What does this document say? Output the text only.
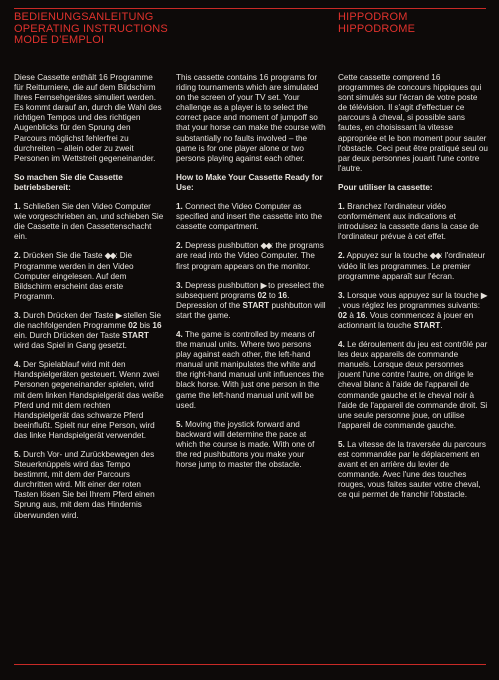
BEDIENUNGSANLEITUNG
OPERATING INSTRUCTIONS
MODE D'EMPLOI
HIPPODROM
HIPPODROME

Diese Cassette enthält 16 Programme für Reitturniere, die auf dem Bildschirm Ihres Fernsehgerätes simuliert werden. Es kommt darauf an, durch die Wahl des richtigen Tempos und des richtigen Augenblicks für den Sprung den Parcours möglichst fehlerfrei zu durchreiten – allein oder zu zweit Personen im Wettstreit gegeneinander.

So machen Sie die Cassette betriebsbereit:

1. Schließen Sie den Video Computer wie vorgeschrieben an, und schieben Sie die Cassette in den Cassettenschacht ein.

2. Drücken Sie die Taste ◆◆: Die Programme werden in den Video Computer eingelesen. Auf dem Bildschirm erscheint das erste Programm.

3. Durch Drücken der Taste ▶ stellen Sie die nachfolgenden Programme 02 bis 16 ein. Durch Drücken der Taste START wird das Spiel in Gang gesetzt.

4. Der Spielablauf wird mit den Handspielgeräten gesteuert. Wenn zwei Personen gegeneinander spielen, wird mit dem linken Handspielgerät das weiße Pferd und mit dem rechten Handspielgerät das schwarze Pferd beeinflußt. Spielt nur eine Person, wird das linke Handspielgerät verwendet.

5. Durch Vor- und Zurückbewegen des Steuerknüppels wird das Tempo bestimmt, mit dem der Parcours durchritten wird. Mit einer der roten Tasten lösen Sie bei Ihrem Pferd einen Sprung aus, mit dem das Hindernis überwunden wird.

This cassette contains 16 programs for riding tournaments which are simulated on the screen of your TV set. Your challenge as a player is to select the correct pace and moment of jumpoff so that your horse can make the course with substantially no faults involved – the game is for one player alone or two persons playing against each other.

How to Make Your Cassette Ready for Use:

1. Connect the Video Computer as specified and insert the cassette into the cassette compartment.

2. Depress pushbutton ◆◆: the programs are read into the Video Computer. The first program appears on the monitor.

3. Depress pushbutton ▶ to preselect the subsequent programs 02 to 16. Depression of the START pushbutton will start the game.

4. The game is controlled by means of the manual units. Where two persons play against each other, the left-hand manual unit manipulates the white and the right-hand manual unit influences the black horse. With just one person in the game the left-hand manual unit will be used.

5. Moving the joystick forward and backward will determine the pace at which the course is made. With one of the red pushbuttons you make your horse jump to master the obstacle.

Cette cassette comprend 16 programmes de concours hippiques qui sont simulés sur l'écran de votre poste de télévision. Il s'agit d'effectuer ce parcours à cheval, si possible sans fautes, en choisissant la vitesse appropriée et le bon moment pour sauter l'obstacle. Ceci peut être pratiqué seul ou par deux personnes jouant l'une contre l'autre.

Pour utiliser la cassette:

1. Branchez l'ordinateur vidéo conformément aux indications et introduisez la cassette dans la case de l'ordinateur prévue à cet effet.

2. Appuyez sur la touche ◆◆: l'ordinateur vidéo lit les programmes. Le premier programme apparaît sur l'écran.

3. Lorsque vous appuyez sur la touche ▶, vous réglez les programmes suivants: 02 à 16. Vous commencez à jouer en actionnant la touche START.

4. Le déroulement du jeu est contrôlé par les deux appareils de commande manuels. Lorsque deux personnes jouent l'une contre l'autre, on dirige le cheval blanc à l'aide de l'appareil de commande gauche et le cheval noir à l'aide de l'appareil de commande droit. Si une seule personne joue, on utilise l'appareil de commande gauche.

5. La vitesse de la traversée du parcours est commandée par le déplacement en avant et en arrière du levier de commande. Avec l'une des touches rouges, vous faites sauter votre cheval, ce qui permet de franchir l'obstacle.
